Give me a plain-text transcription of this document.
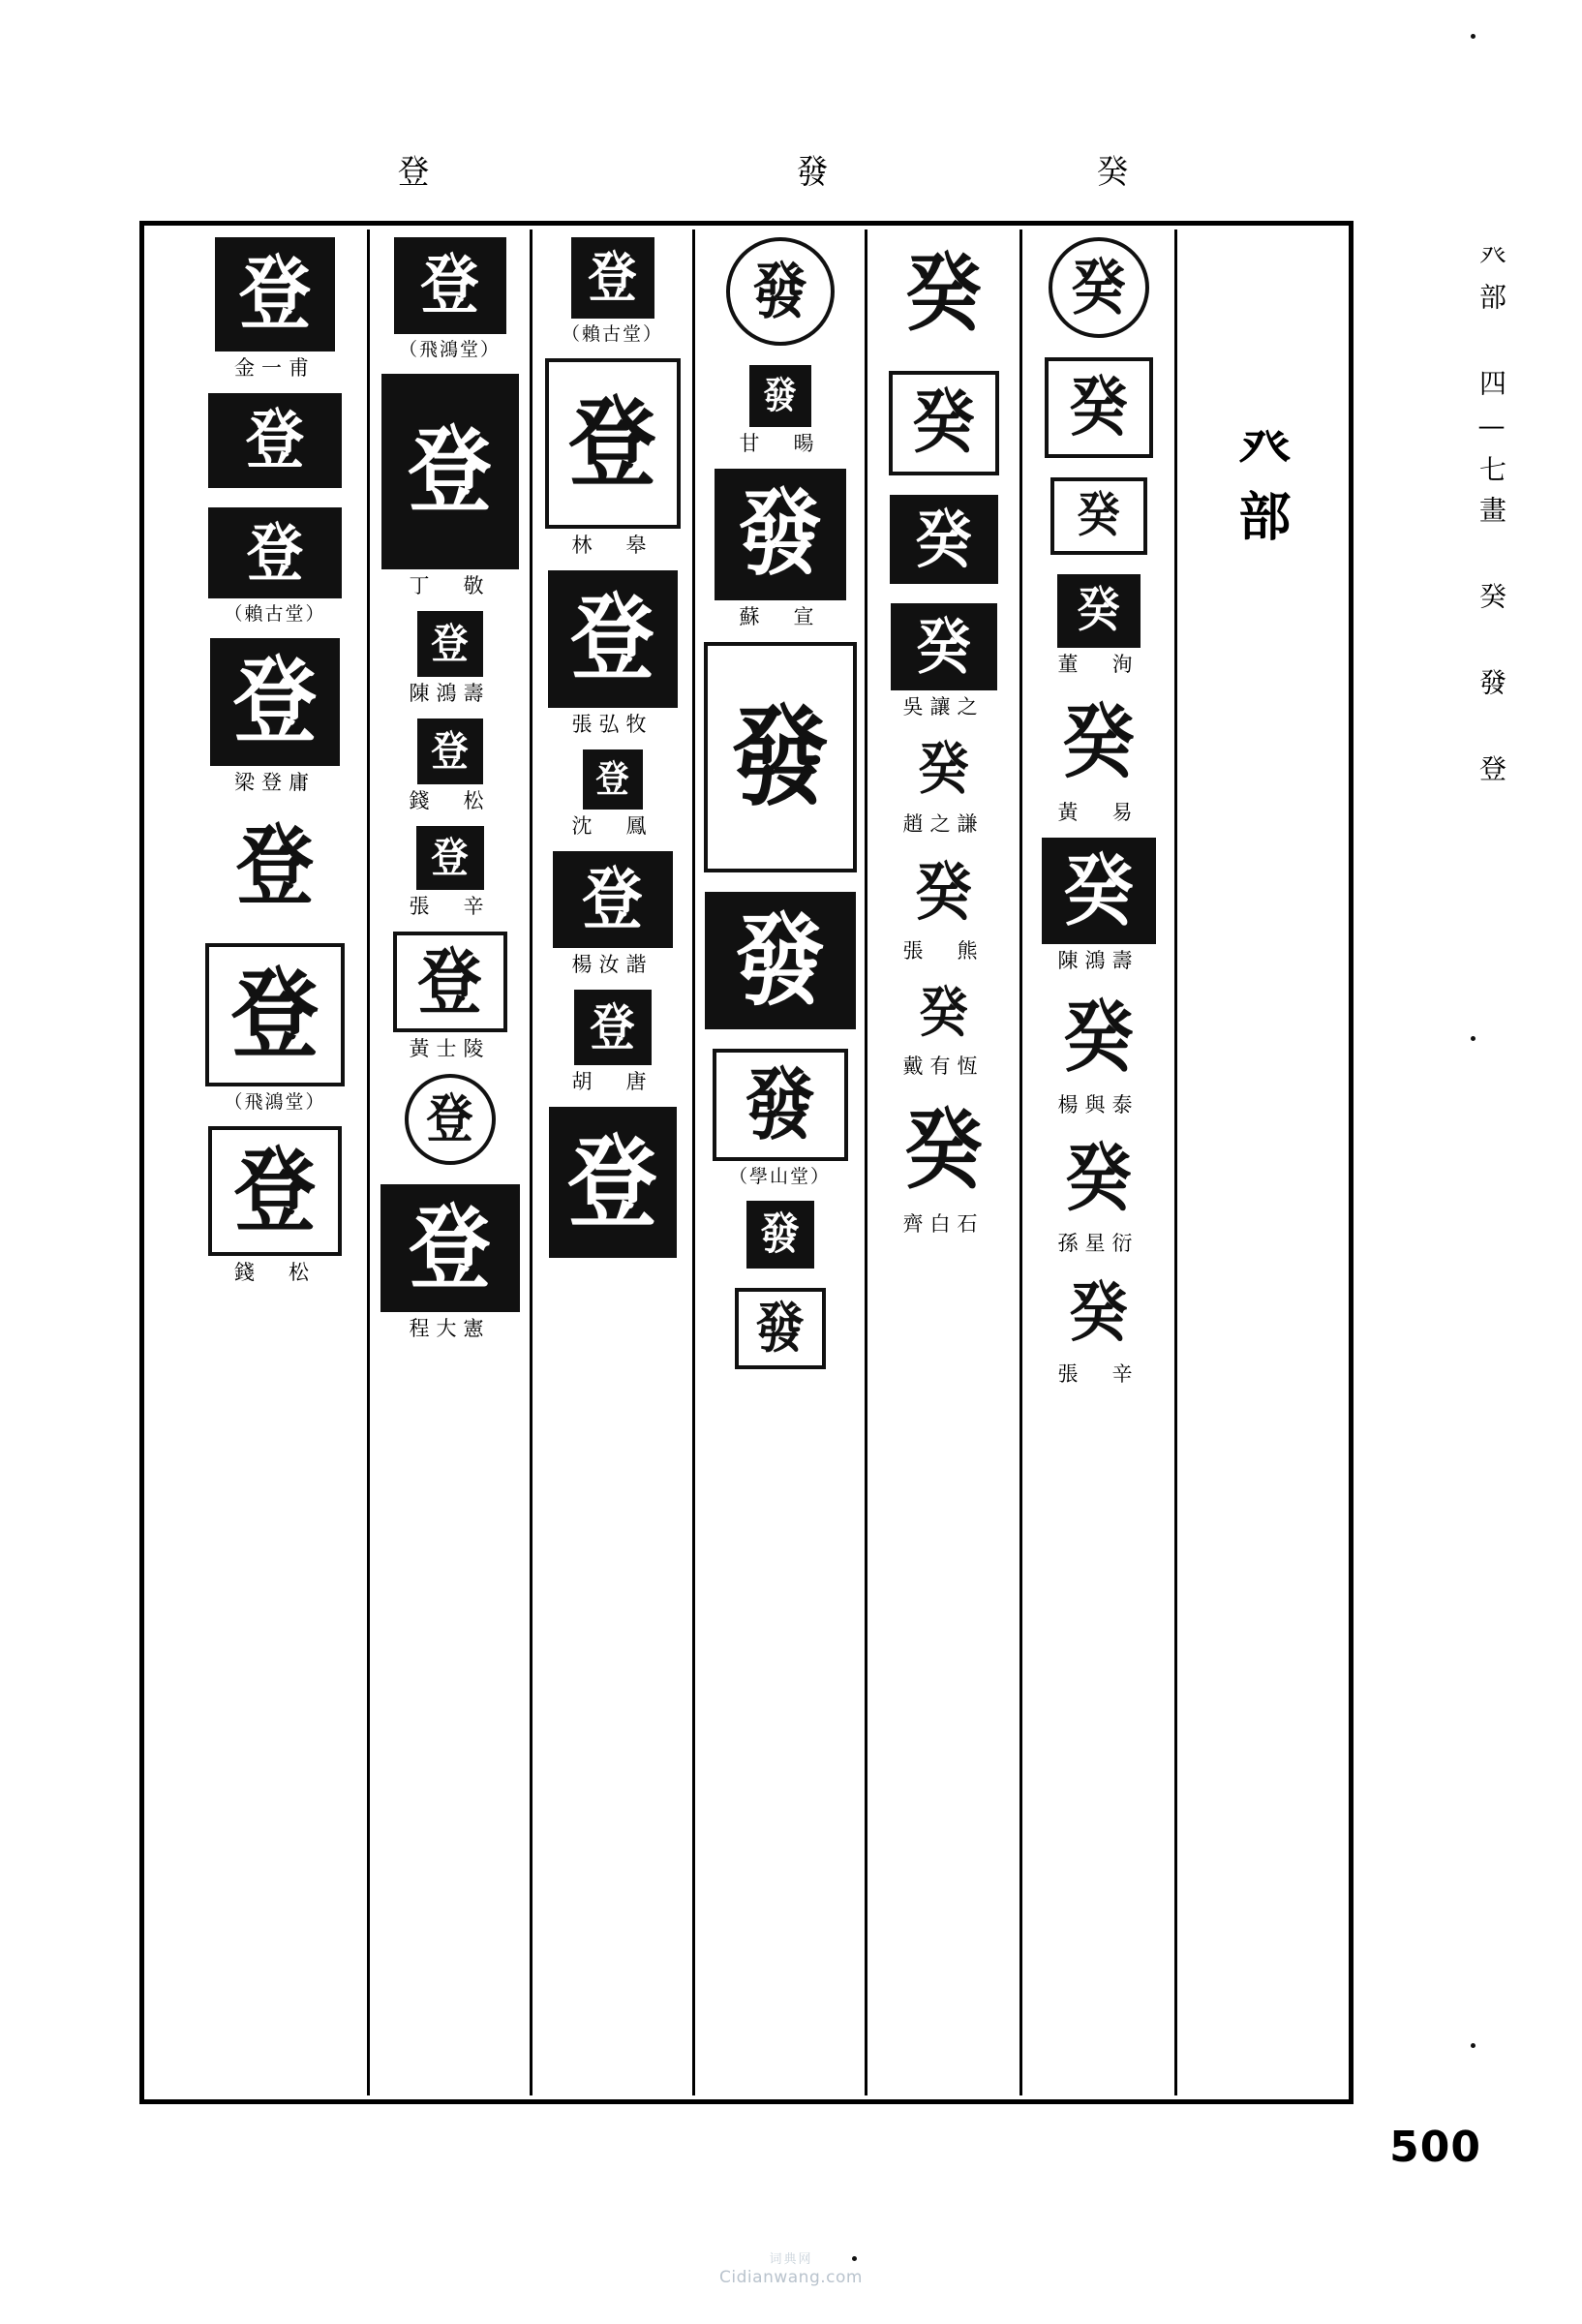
癸
發
登
癶部
癸
癸
癸
癸
董　洵
癸
黃　易
癸
陳鴻壽
癸
楊與泰
癸
孫星衍
癸
張　辛
癸
癸
癸
癸
吳讓之
癸
趙之謙
癸
張　熊
癸
戴有恆
癸
齊白石
發
發
甘　暘
發
蘇　宣
發
發
發
（學山堂）
發
發
登
（賴古堂）
登
林　皋
登
張弘牧
登
沈　鳳
登
楊汝諧
登
胡　唐
登
登
（飛鴻堂）
登
丁　敬
登
陳鴻壽
登
錢　松
登
張　辛
登
黃士陵
登
登
程大憲
登
金一甫
登
登
（賴古堂）
登
梁登庸
登
登
（飛鴻堂）
登
錢　松
癶部 四—七畫 癸 發 登
500
词典网
Cidianwang.com
